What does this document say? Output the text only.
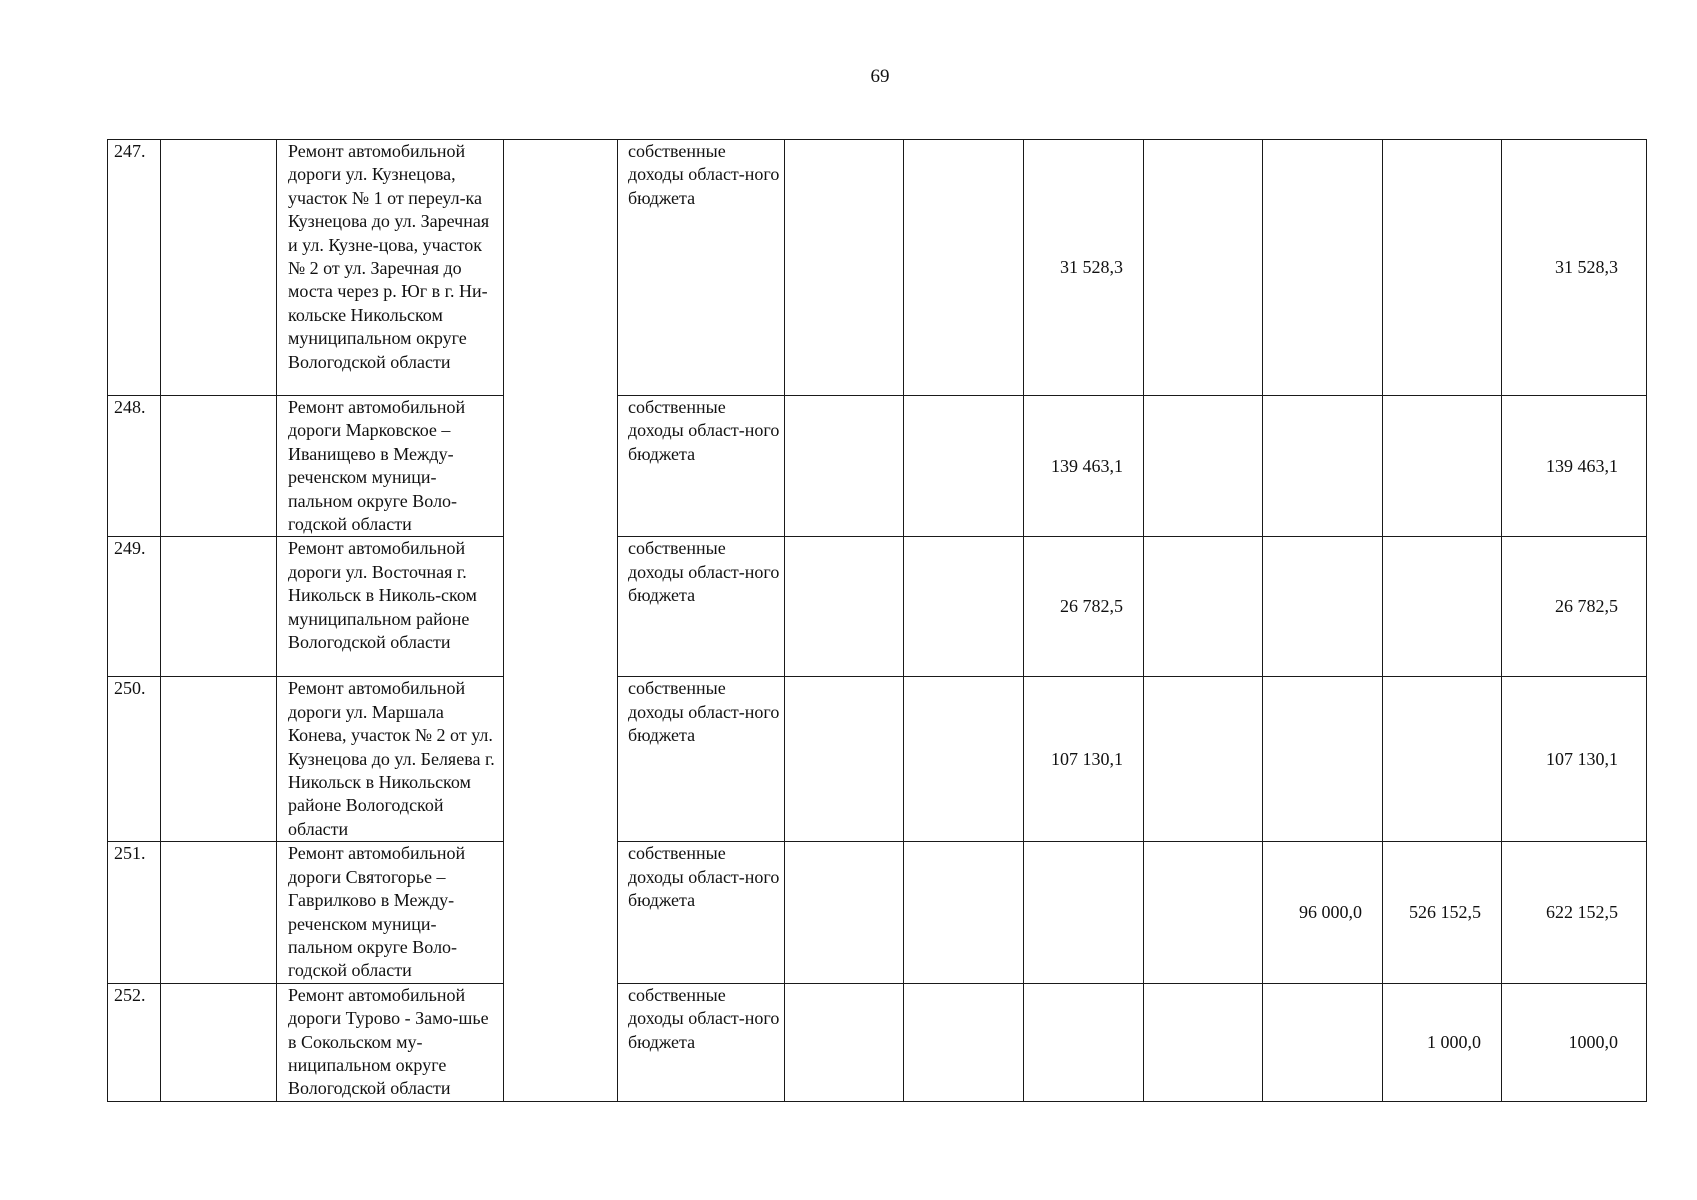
69
247.		Ремонт автомобильной дороги ул. Кузнецова, участок № 1 от переул-ка Кузнецова до ул. Заречная и ул. Кузне-цова, участок № 2 от ул. Заречная до моста через р. Юг в г. Ни-кольске Никольском муниципальном округе Вологодской области		собственные доходы област-ного бюджета			31 528,3				31 528,3
248.		Ремонт автомобильной дороги Марковское – Иванищево в Между-реченском муници-пальном округе Воло-годской области		собственные доходы област-ного бюджета			139 463,1				139 463,1
249.		Ремонт автомобильной дороги ул. Восточная г. Никольск в Николь-ском муниципальном районе Вологодской области		собственные доходы област-ного бюджета			26 782,5				26 782,5
250.		Ремонт автомобильной дороги ул. Маршала Конева, участок № 2 от ул. Кузнецова до ул. Беляева г. Никольск в Никольском районе Вологодской области		собственные доходы област-ного бюджета			107 130,1				107 130,1
251.		Ремонт автомобильной дороги Святогорье – Гаврилково в Между-реченском муници-пальном округе Воло-годской области		собственные доходы област-ного бюджета					96 000,0	526 152,5	622 152,5
252.		Ремонт автомобильной дороги Турово - Замо-шье в Сокольском му-ниципальном округе Вологодской области		собственные доходы област-ного бюджета						1 000,0	1000,0
